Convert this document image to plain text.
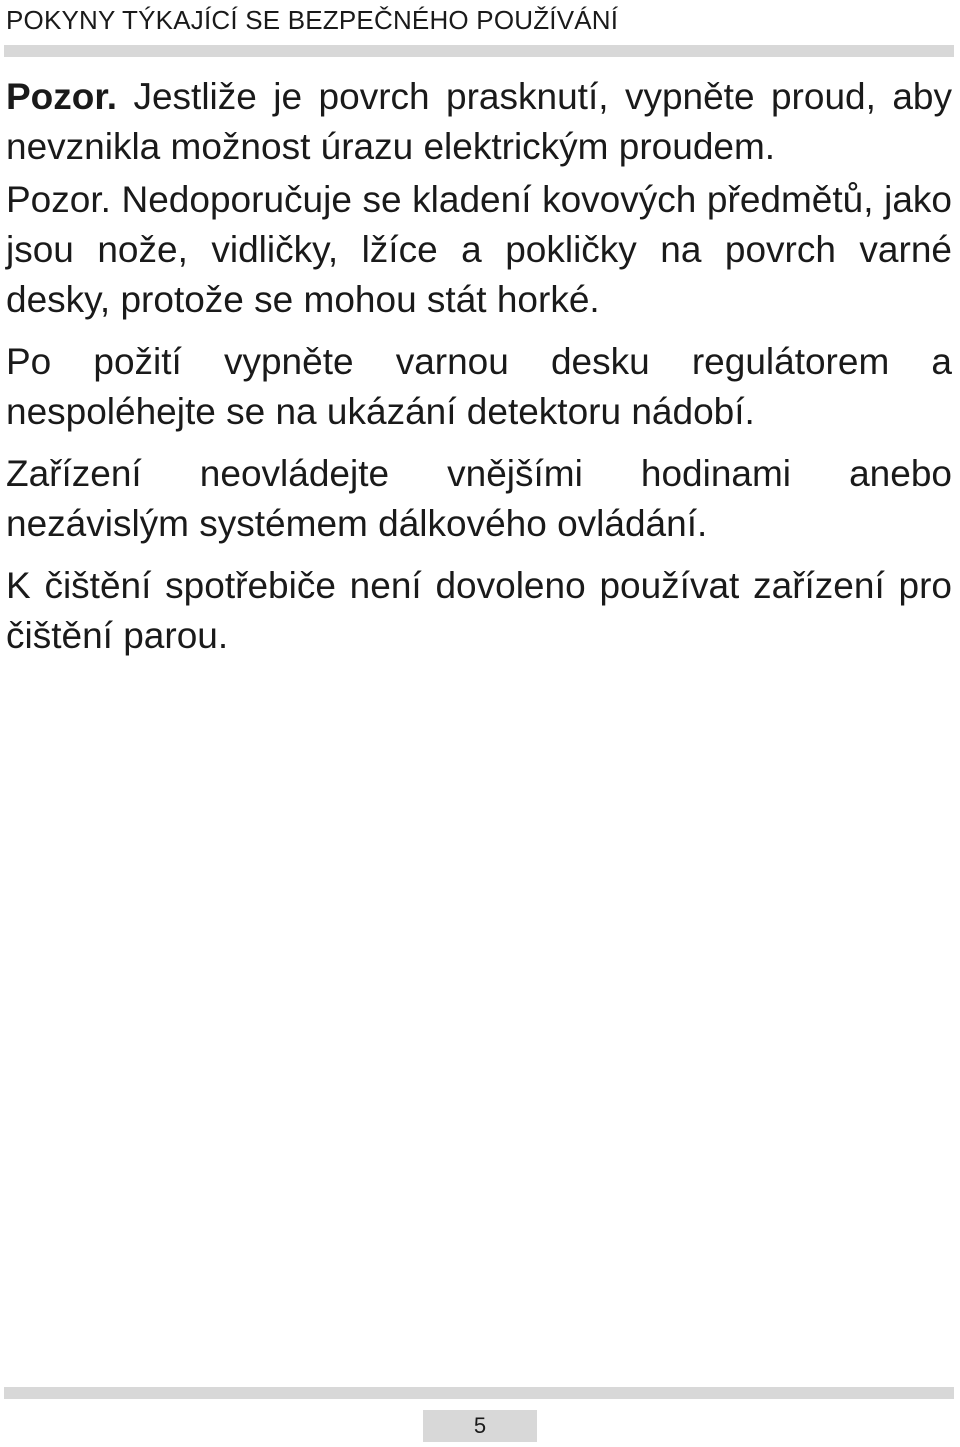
POKYNY TÝKAJÍCÍ SE BEZPEČNÉHO POUŽÍVÁNÍ

Pozor. Jestliže je povrch prasknutí, vypněte proud, aby nevznikla možnost úrazu elektrickým proudem.

Pozor. Nedoporučuje se kladení kovových předmětů, jako jsou nože, vidličky, lžíce a pokličky na povrch varné desky, protože se mohou stát horké.

Po požití vypněte varnou desku regulátorem a nespoléhejte se na ukázání detektoru nádobí.

Zařízení neovládejte vnějšími hodinami anebo nezávislým systémem dálkového ovládání.

K čištění spotřebiče není dovoleno používat zařízení pro čištění parou.

5
